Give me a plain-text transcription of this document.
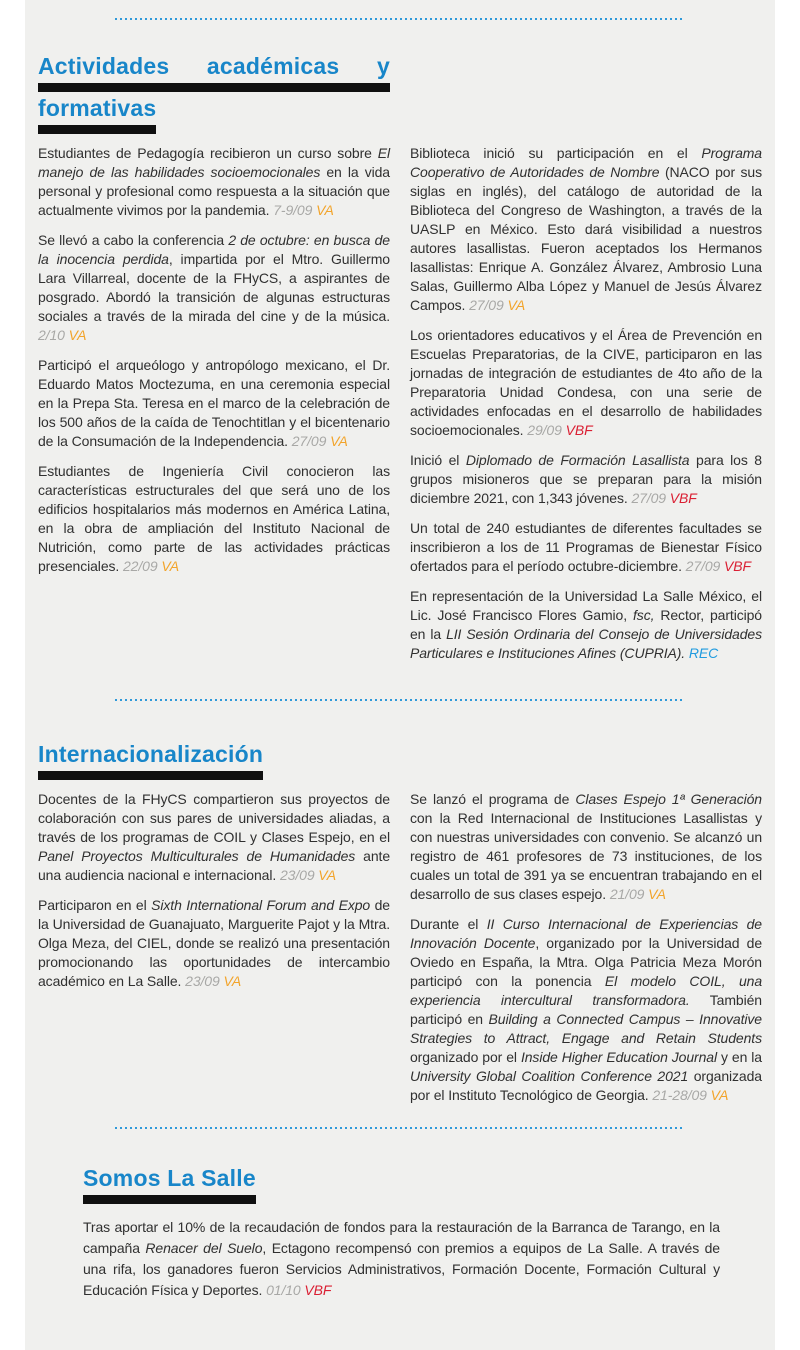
Actividades académicas y
formativas

Estudiantes de Pedagogía recibieron un curso sobre El manejo de las habilidades socioemocionales en la vida personal y profesional como respuesta a la situación que actualmente vivimos por la pandemia. 7-9/09 VA

Se llevó a cabo la conferencia 2 de octubre: en busca de la inocencia perdida, impartida por el Mtro. Guillermo Lara Villarreal, docente de la FHyCS, a aspirantes de posgrado. Abordó la transición de algunas estructuras sociales a través de la mirada del cine y de la música. 2/10 VA

Participó el arqueólogo y antropólogo mexicano, el Dr. Eduardo Matos Moctezuma, en una ceremonia especial en la Prepa Sta. Teresa en el marco de la celebración de los 500 años de la caída de Tenochtitlan y el bicentenario de la Consumación de la Independencia. 27/09 VA

Estudiantes de Ingeniería Civil conocieron las características estructurales del que será uno de los edificios hospitalarios más modernos en América Latina, en la obra de ampliación del Instituto Nacional de Nutrición, como parte de las actividades prácticas presenciales. 22/09 VA

Biblioteca inició su participación en el Programa Cooperativo de Autoridades de Nombre (NACO por sus siglas en inglés), del catálogo de autoridad de la Biblioteca del Congreso de Washington, a través de la UASLP en México. Esto dará visibilidad a nuestros autores lasallistas. Fueron aceptados los Hermanos lasallistas: Enrique A. González Álvarez, Ambrosio Luna Salas, Guillermo Alba López y Manuel de Jesús Álvarez Campos. 27/09 VA

Los orientadores educativos y el Área de Prevención en Escuelas Preparatorias, de la CIVE, participaron en las jornadas de integración de estudiantes de 4to año de la Preparatoria Unidad Condesa, con una serie de actividades enfocadas en el desarrollo de habilidades socioemocionales. 29/09 VBF

Inició el Diplomado de Formación Lasallista para los 8 grupos misioneros que se preparan para la misión diciembre 2021, con 1,343 jóvenes. 27/09 VBF

Un total de 240 estudiantes de diferentes facultades se inscribieron a los de 11 Programas de Bienestar Físico ofertados para el período octubre-diciembre. 27/09 VBF

En representación de la Universidad La Salle México, el Lic. José Francisco Flores Gamio, fsc, Rector, participó en la LII Sesión Ordinaria del Consejo de Universidades Particulares e Instituciones Afines (CUPRIA). REC

Internacionalización

Docentes de la FHyCS compartieron sus proyectos de colaboración con sus pares de universidades aliadas, a través de los programas de COIL y Clases Espejo, en el Panel Proyectos Multiculturales de Humanidades ante una audiencia nacional e internacional. 23/09 VA

Participaron en el Sixth International Forum and Expo de la Universidad de Guanajuato, Marguerite Pajot y la Mtra. Olga Meza, del CIEL, donde se realizó una presentación promocionando las oportunidades de intercambio académico en La Salle. 23/09 VA

Se lanzó el programa de Clases Espejo 1ª Generación con la Red Internacional de Instituciones Lasallistas y con nuestras universidades con convenio. Se alcanzó un registro de 461 profesores de 73 instituciones, de los cuales un total de 391 ya se encuentran trabajando en el desarrollo de sus clases espejo. 21/09 VA

Durante el II Curso Internacional de Experiencias de Innovación Docente, organizado por la Universidad de Oviedo en España, la Mtra. Olga Patricia Meza Morón participó con la ponencia El modelo COIL, una experiencia intercultural transformadora. También participó en Building a Connected Campus – Innovative Strategies to Attract, Engage and Retain Students organizado por el Inside Higher Education Journal y en la University Global Coalition Conference 2021 organizada por el Instituto Tecnológico de Georgia. 21-28/09 VA

Somos La Salle

Tras aportar el 10% de la recaudación de fondos para la restauración de la Barranca de Tarango, en la campaña Renacer del Suelo, Ectagono recompensó con premios a equipos de La Salle. A través de una rifa, los ganadores fueron Servicios Administrativos, Formación Docente, Formación Cultural y Educación Física y Deportes. 01/10 VBF
